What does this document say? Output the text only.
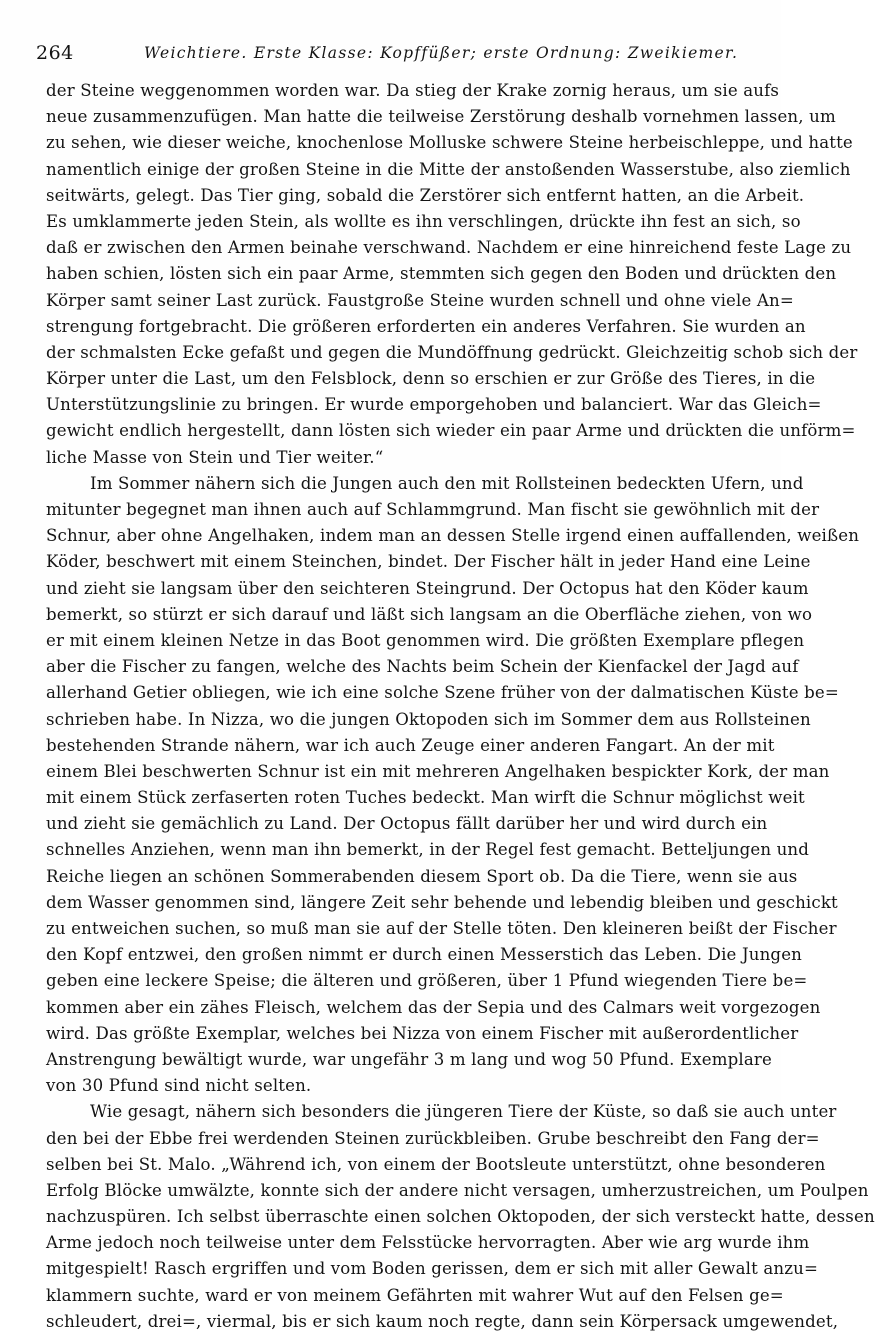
264	Weichtiere. Erste Klasse: Kopffüßer; erste Ordnung: Zweikiemer.
der Steine weggenommen worden war. Da stieg der Krake zornig heraus, um sie aufs
neue zusammenzufügen. Man hatte die teilweise Zerstörung deshalb vornehmen lassen, um
zu sehen, wie dieser weiche, knochenlose Molluske schwere Steine herbeischleppe, und hatte
namentlich einige der großen Steine in die Mitte der anstoßenden Wasserstube, also ziemlich
seitwärts, gelegt. Das Tier ging, sobald die Zerstörer sich entfernt hatten, an die Arbeit.
Es umklammerte jeden Stein, als wollte es ihn verschlingen, drückte ihn fest an sich, so
daß er zwischen den Armen beinahe verschwand. Nachdem er eine hinreichend feste Lage zu
haben schien, lösten sich ein paar Arme, stemmten sich gegen den Boden und drückten den
Körper samt seiner Last zurück. Faustgroße Steine wurden schnell und ohne viele An=
strengung fortgebracht. Die größeren erforderten ein anderes Verfahren. Sie wurden an
der schmalsten Ecke gefaßt und gegen die Mundöffnung gedrückt. Gleichzeitig schob sich der
Körper unter die Last, um den Felsblock, denn so erschien er zur Größe des Tieres, in die
Unterstützungslinie zu bringen. Er wurde emporgehoben und balanciert. War das Gleich=
gewicht endlich hergestellt, dann lösten sich wieder ein paar Arme und drückten die unförm=
liche Masse von Stein und Tier weiter.“
Im Sommer nähern sich die Jungen auch den mit Rollsteinen bedeckten Ufern, und
mitunter begegnet man ihnen auch auf Schlammgrund. Man fischt sie gewöhnlich mit der
Schnur, aber ohne Angelhaken, indem man an dessen Stelle irgend einen auffallenden, weißen
Köder, beschwert mit einem Steinchen, bindet. Der Fischer hält in jeder Hand eine Leine
und zieht sie langsam über den seichteren Steingrund. Der Octopus hat den Köder kaum
bemerkt, so stürzt er sich darauf und läßt sich langsam an die Oberfläche ziehen, von wo
er mit einem kleinen Netze in das Boot genommen wird. Die größten Exemplare pflegen
aber die Fischer zu fangen, welche des Nachts beim Schein der Kienfackel der Jagd auf
allerhand Getier obliegen, wie ich eine solche Szene früher von der dalmatischen Küste be=
schrieben habe. In Nizza, wo die jungen Oktopoden sich im Sommer dem aus Rollsteinen
bestehenden Strande nähern, war ich auch Zeuge einer anderen Fangart. An der mit
einem Blei beschwerten Schnur ist ein mit mehreren Angelhaken bespickter Kork, der man
mit einem Stück zerfaserten roten Tuches bedeckt. Man wirft die Schnur möglichst weit
und zieht sie gemächlich zu Land. Der Octopus fällt darüber her und wird durch ein
schnelles Anziehen, wenn man ihn bemerkt, in der Regel fest gemacht. Betteljungen und
Reiche liegen an schönen Sommerabenden diesem Sport ob. Da die Tiere, wenn sie aus
dem Wasser genommen sind, längere Zeit sehr behende und lebendig bleiben und geschickt
zu entweichen suchen, so muß man sie auf der Stelle töten. Den kleineren beißt der Fischer
den Kopf entzwei, den großen nimmt er durch einen Messerstich das Leben. Die Jungen
geben eine leckere Speise; die älteren und größeren, über 1 Pfund wiegenden Tiere be=
kommen aber ein zähes Fleisch, welchem das der Sepia und des Calmars weit vorgezogen
wird. Das größte Exemplar, welches bei Nizza von einem Fischer mit außerordentlicher
Anstrengung bewältigt wurde, war ungefähr 3 m lang und wog 50 Pfund. Exemplare
von 30 Pfund sind nicht selten.
Wie gesagt, nähern sich besonders die jüngeren Tiere der Küste, so daß sie auch unter
den bei der Ebbe frei werdenden Steinen zurückbleiben. Grube beschreibt den Fang der=
selben bei St. Malo. „Während ich, von einem der Bootsleute unterstützt, ohne besonderen
Erfolg Blöcke umwälzte, konnte sich der andere nicht versagen, umherzustreichen, um Poulpen
nachzuspüren. Ich selbst überraschte einen solchen Oktopoden, der sich versteckt hatte, dessen
Arme jedoch noch teilweise unter dem Felsstücke hervorragten. Aber wie arg wurde ihm
mitgespielt! Rasch ergriffen und vom Boden gerissen, dem er sich mit aller Gewalt anzu=
klammern suchte, ward er von meinem Gefährten mit wahrer Wut auf den Felsen ge=
schleudert, drei=, viermal, bis er sich kaum noch regte, dann sein Körpersack umgewendet,
